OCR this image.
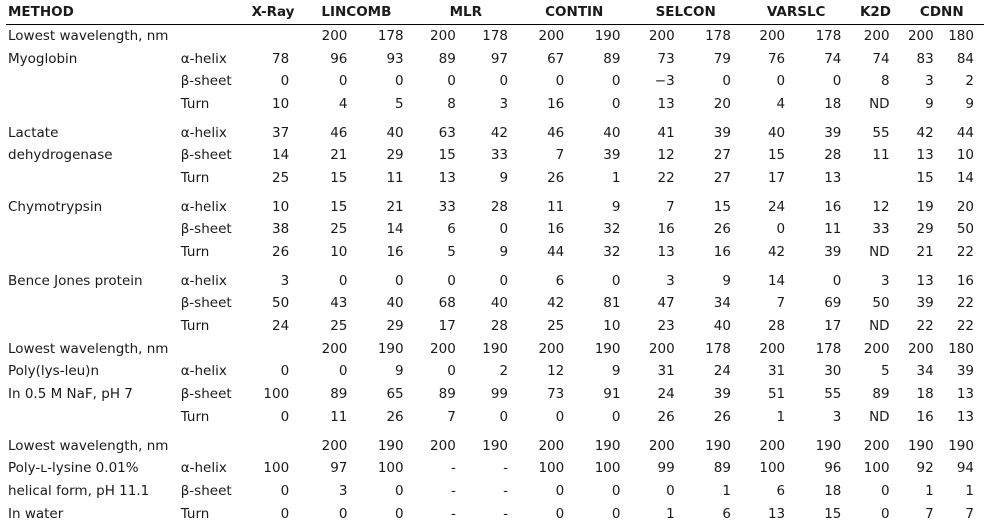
METHOD		X-Ray	LINCOMB		MLR		CONTIN		SELCON		VARSLC		K2D	CDNN	
Lowest wavelength, nm			200	178	200	178	200	190	200	178	200	178	200	200	180
Myoglobin	α-helix	78	96	93	89	97	67	89	73	79	76	74	74	83	84
	β-sheet	0	0	0	0	0	0	0	−3	0	0	0	8	3	2
	Turn	10	4	5	8	3	16	0	13	20	4	18	ND	9	9
Lactate	α-helix	37	46	40	63	42	46	40	41	39	40	39	55	42	44
dehydrogenase	β-sheet	14	21	29	15	33	7	39	12	27	15	28	11	13	10
	Turn	25	15	11	13	9	26	1	22	27	17	13		15	14
Chymotrypsin	α-helix	10	15	21	33	28	11	9	7	15	24	16	12	19	20
	β-sheet	38	25	14	6	0	16	32	16	26	0	11	33	29	50
	Turn	26	10	16	5	9	44	32	13	16	42	39	ND	21	22
Bence Jones protein	α-helix	3	0	0	0	0	6	0	3	9	14	0	3	13	16
	β-sheet	50	43	40	68	40	42	81	47	34	7	69	50	39	22
	Turn	24	25	29	17	28	25	10	23	40	28	17	ND	22	22
Lowest wavelength, nm			200	190	200	190	200	190	200	178	200	178	200	200	180
Poly(lys-leu)n	α-helix	0	0	9	0	2	12	9	31	24	31	30	5	34	39
In 0.5 M NaF, pH 7	β-sheet	100	89	65	89	99	73	91	24	39	51	55	89	18	13
	Turn	0	11	26	7	0	0	0	26	26	1	3	ND	16	13
Lowest wavelength, nm			200	190	200	190	200	190	200	190	200	190	200	190	190
Poly-ʟ-lysine 0.01%	α-helix	100	97	100	-	-	100	100	99	89	100	96	100	92	94
helical form, pH 11.1	β-sheet	0	3	0	-	-	0	0	0	1	6	18	0	1	1
In water	Turn	0	0	0	-	-	0	0	1	6	13	15	0	7	7
